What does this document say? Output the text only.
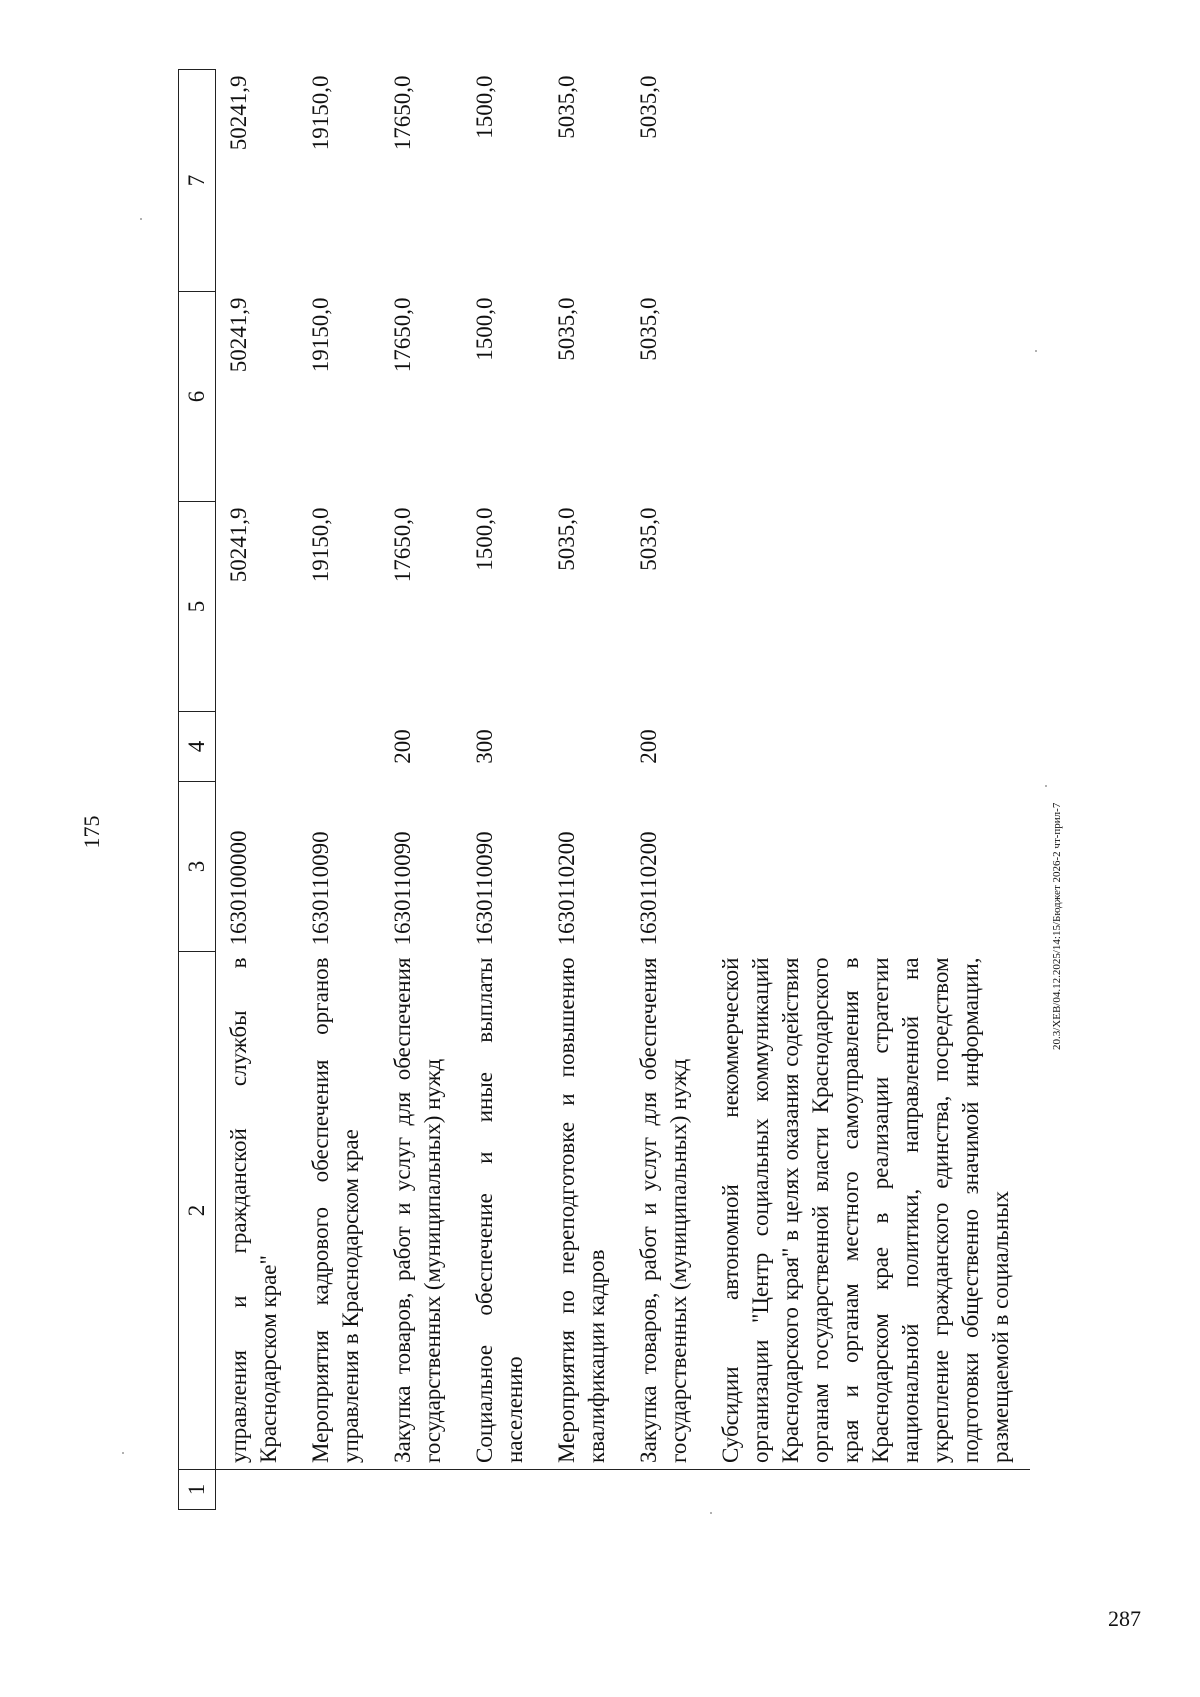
175
1	2	3	4	5	6	7
	управления и гражданской службы в Краснодарском крае"	1630100000		50241,9	50241,9	50241,9
	Мероприятия кадрового обеспечения органов управления в Краснодарском крае	1630110090		19150,0	19150,0	19150,0
	Закупка товаров, работ и услуг для обеспечения государственных (муниципальных) нужд	1630110090	200	17650,0	17650,0	17650,0
	Социальное обеспечение и иные выплаты населению	1630110090	300	1500,0	1500,0	1500,0
	Мероприятия по переподготовке и повышению квалификации кадров	1630110200		5035,0	5035,0	5035,0
	Закупка товаров, работ и услуг для обеспечения государственных (муниципальных) нужд	1630110200	200	5035,0	5035,0	5035,0
	Субсидии автономной некоммерческой организации "Центр социальных коммуникаций Краснодарского края" в целях оказания содействия органам государственной власти Краснодарского края и органам местного самоуправления в Краснодарском крае в реализации стратегии национальной политики, направленной на укрепление гражданского единства, посредством подготовки общественно значимой информации, размещаемой в социальных					
20.3/ХЕВ/04.12.2025/14:15/Бюджет 2026-2 чт-прил-7
287
